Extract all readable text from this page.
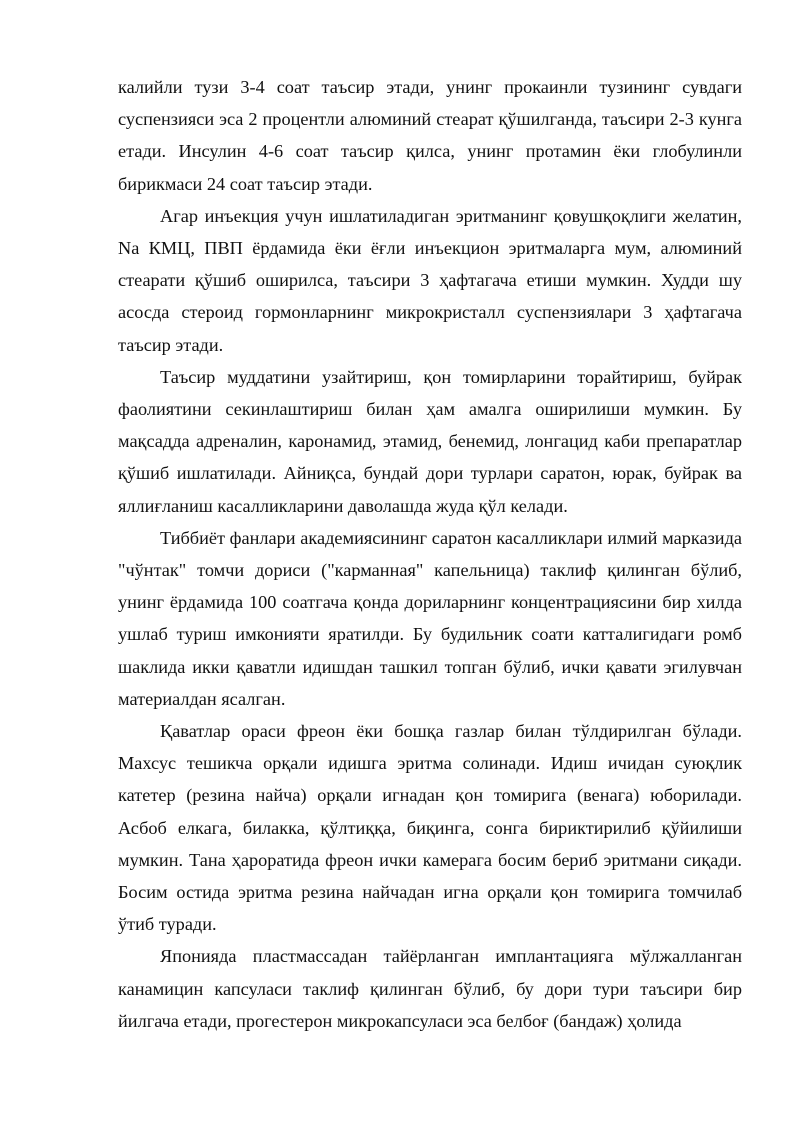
калийли тузи 3-4 соат таъсир этади, унинг прокаинли тузининг сувдаги суспензияси эса 2 процентли алюминий стеарат қўшилганда, таъсири 2-3 кунга етади. Инсулин 4-6 соат таъсир қилса, унинг протамин ёки глобулинли бирикмаси 24 соат таъсир этади.

Агар инъекция учун ишлатиладиган эритманинг қовушқоқлиги желатин, Na КМЦ, ПВП ёрдамида ёки ёғли инъекцион эритмаларга мум, алюминий стеарати қўшиб оширилса, таъсири 3 ҳафтагача етиши мумкин. Худди шу асосда стероид гормонларнинг микрокристалл суспензиялари 3 ҳафтагача таъсир этади.

Таъсир муддатини узайтириш, қон томирларини торайтириш, буйрак фаолиятини секинлаштириш билан ҳам амалга оширилиши мумкин. Бу мақсадда адреналин, каронамид, этамид, бенемид, лонгацид каби препаратлар қўшиб ишлатилади. Айниқса, бундай дори турлари саратон, юрак, буйрак ва яллиғланиш касалликларини даволашда жуда қўл келади.

Тиббиёт фанлари академиясининг саратон касалликлари илмий марказида "чўнтак" томчи дориси ("карманная" капельница) таклиф қилинган бўлиб, унинг ёрдамида 100 соатгача қонда дориларнинг концентрациясини бир хилда ушлаб туриш имконияти яратилди. Бу будильник соати катталигидаги ромб шаклида икки қаватли идишдан ташкил топган бўлиб, ички қавати эгилувчан материалдан ясалган.

Қаватлар ораси фреон ёки бошқа газлар билан тўлдирилган бўлади. Махсус тешикча орқали идишга эритма солинади. Идиш ичидан суюқлик катетер (резина найча) орқали игнадан қон томирига (венага) юборилади. Асбоб елкага, билакка, қўлтиққа, биқинга, сонга бириктирилиб қўйилиши мумкин. Тана ҳароратида фреон ички камерага босим бериб эритмани сиқади. Босим остида эритма резина найчадан игна орқали қон томирига томчилаб ўтиб туради.

Японияда пластмассадан тайёрланган имплантацияга мўлжалланган канамицин капсуласи таклиф қилинган бўлиб, бу дори тури таъсири бир йилгача етади, прогестерон микрокапсуласи эса белбоғ (бандаж) ҳолида
